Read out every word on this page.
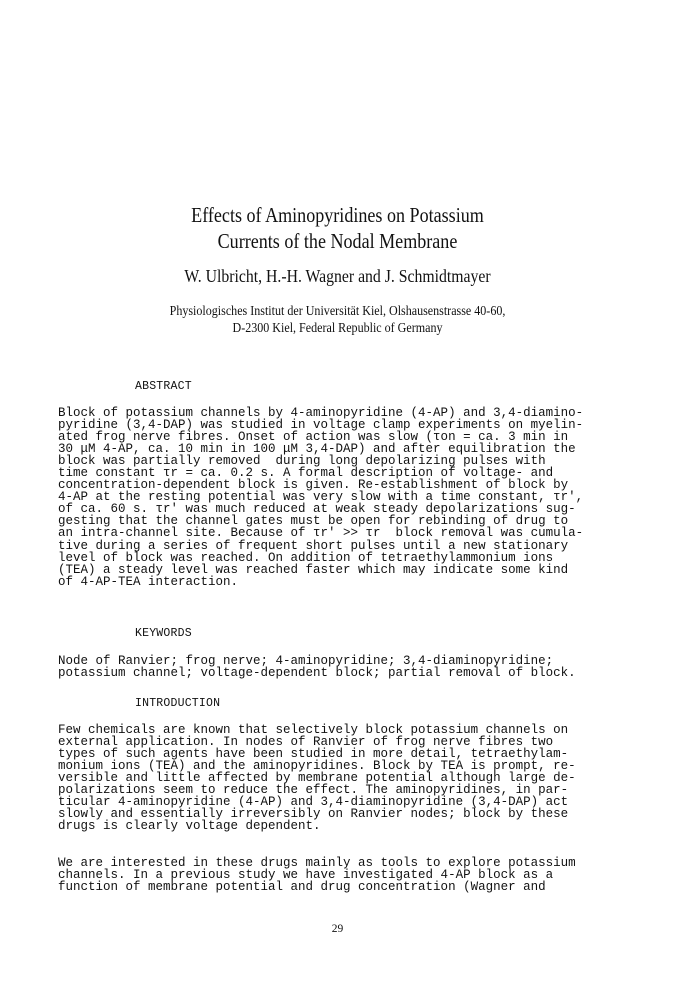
Effects of Aminopyridines on Potassium
Currents of the Nodal Membrane
W. Ulbricht, H.-H. Wagner and J. Schmidtmayer
Physiologisches Institut der Universität Kiel, Olshausenstrasse 40-60,
D-2300 Kiel, Federal Republic of Germany
ABSTRACT
Block of potassium channels by 4-aminopyridine (4-AP) and 3,4-diamino-
pyridine (3,4-DAP) was studied in voltage clamp experiments on myelin-
ated frog nerve fibres. Onset of action was slow (τon = ca. 3 min in
30 μM 4-AP, ca. 10 min in 100 μM 3,4-DAP) and after equilibration the
block was partially removed  during long depolarizing pulses with
time constant τr = ca. 0.2 s. A formal description of voltage- and
concentration-dependent block is given. Re-establishment of block by
4-AP at the resting potential was very slow with a time constant, τr',
of ca. 60 s. τr' was much reduced at weak steady depolarizations sug-
gesting that the channel gates must be open for rebinding of drug to
an intra-channel site. Because of τr' >> τr  block removal was cumula-
tive during a series of frequent short pulses until a new stationary
level of block was reached. On addition of tetraethylammonium ions
(TEA) a steady level was reached faster which may indicate some kind
of 4-AP-TEA interaction.
KEYWORDS
Node of Ranvier; frog nerve; 4-aminopyridine; 3,4-diaminopyridine;
potassium channel; voltage-dependent block; partial removal of block.
INTRODUCTION
Few chemicals are known that selectively block potassium channels on
external application. In nodes of Ranvier of frog nerve fibres two
types of such agents have been studied in more detail, tetraethylam-
monium ions (TEA) and the aminopyridines. Block by TEA is prompt, re-
versible and little affected by membrane potential although large de-
polarizations seem to reduce the effect. The aminopyridines, in par-
ticular 4-aminopyridine (4-AP) and 3,4-diaminopyridine (3,4-DAP) act
slowly and essentially irreversibly on Ranvier nodes; block by these
drugs is clearly voltage dependent.
We are interested in these drugs mainly as tools to explore potassium
channels. In a previous study we have investigated 4-AP block as a
function of membrane potential and drug concentration (Wagner and
29
